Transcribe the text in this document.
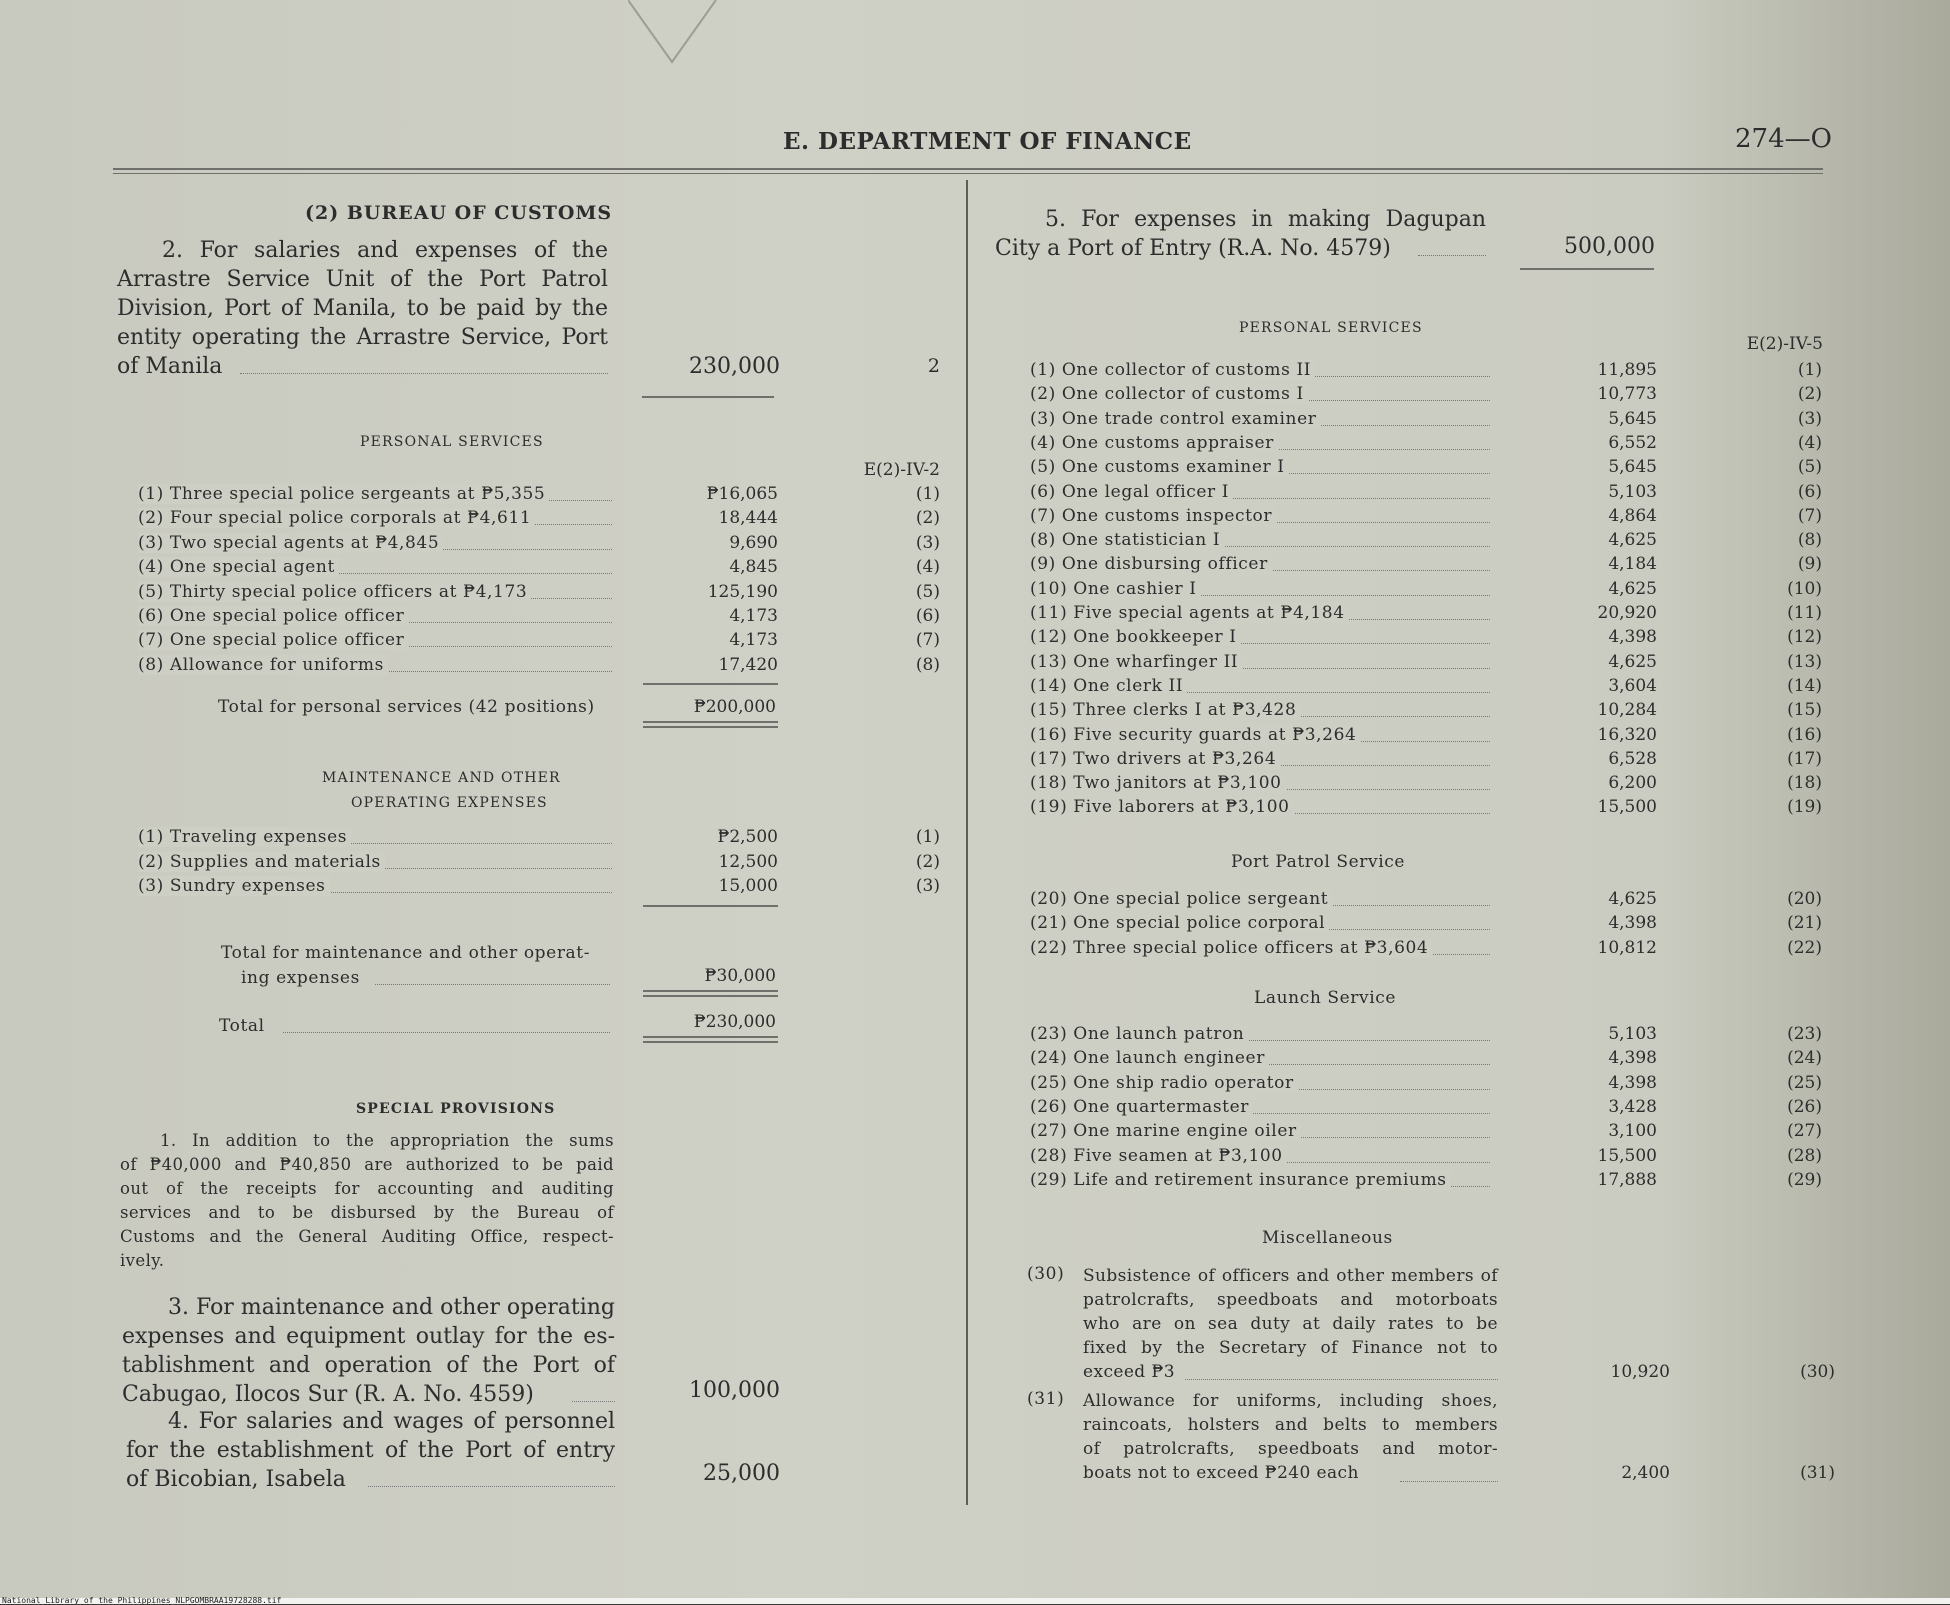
E. DEPARTMENT OF FINANCE	274—O
(2) BUREAU OF CUSTOMS
2. For salaries and expenses of the
Arrastre Service Unit of the Port Patrol
Division, Port of Manila, to be paid by the
entity operating the Arrastre Service, Port
of Manila	230,000	2
PERSONAL SERVICES
E(2)-IV-2
(1) Three special police sergeants at ₱5,355	₱16,065	(1)
(2) Four special police corporals at ₱4,611	18,444	(2)
(3) Two special agents at ₱4,845	9,690	(3)
(4) One special agent	4,845	(4)
(5) Thirty special police officers at ₱4,173	125,190	(5)
(6) One special police officer	4,173	(6)
(7) One special police officer	4,173	(7)
(8) Allowance for uniforms	17,420	(8)
Total for personal services (42 positions)	₱200,000
MAINTENANCE AND OTHER
OPERATING EXPENSES
(1) Traveling expenses	₱2,500	(1)
(2) Supplies and materials	12,500	(2)
(3) Sundry expenses	15,000	(3)
Total for maintenance and other operat-
ing expenses	₱30,000
Total	₱230,000
SPECIAL PROVISIONS
1. In addition to the appropriation the sums
of ₱40,000 and ₱40,850 are authorized to be paid
out of the receipts for accounting and auditing
services and to be disbursed by the Bureau of
Customs and the General Auditing Office, respect-
ively.
3. For maintenance and other operating
expenses and equipment outlay for the es-
tablishment and operation of the Port of
Cabugao, Ilocos Sur (R. A. No. 4559)	100,000
4. For salaries and wages of personnel
for the establishment of the Port of entry
of Bicobian, Isabela	25,000
5. For expenses in making Dagupan
City a Port of Entry (R.A. No. 4579)	500,000
PERSONAL SERVICES
E(2)-IV-5
(1) One collector of customs II	11,895	(1)
(2) One collector of customs I	10,773	(2)
(3) One trade control examiner	5,645	(3)
(4) One customs appraiser	6,552	(4)
(5) One customs examiner I	5,645	(5)
(6) One legal officer I	5,103	(6)
(7) One customs inspector	4,864	(7)
(8) One statistician I	4,625	(8)
(9) One disbursing officer	4,184	(9)
(10) One cashier I	4,625	(10)
(11) Five special agents at ₱4,184	20,920	(11)
(12) One bookkeeper I	4,398	(12)
(13) One wharfinger II	4,625	(13)
(14) One clerk II	3,604	(14)
(15) Three clerks I at ₱3,428	10,284	(15)
(16) Five security guards at ₱3,264	16,320	(16)
(17) Two drivers at ₱3,264	6,528	(17)
(18) Two janitors at ₱3,100	6,200	(18)
(19) Five laborers at ₱3,100	15,500	(19)
Port Patrol Service
(20) One special police sergeant	4,625	(20)
(21) One special police corporal	4,398	(21)
(22) Three special police officers at ₱3,604	10,812	(22)
Launch Service
(23) One launch patron	5,103	(23)
(24) One launch engineer	4,398	(24)
(25) One ship radio operator	4,398	(25)
(26) One quartermaster	3,428	(26)
(27) One marine engine oiler	3,100	(27)
(28) Five seamen at ₱3,100	15,500	(28)
(29) Life and retirement insurance premiums	17,888	(29)
Miscellaneous
(30) Subsistence of officers and other members of
patrolcrafts, speedboats and motorboats
who are on sea duty at daily rates to be
fixed by the Secretary of Finance not to
exceed ₱3	10,920	(30)
(31) Allowance for uniforms, including shoes,
raincoats, holsters and belts to members
of patrolcrafts, speedboats and motor-
boats not to exceed ₱240 each	2,400	(31)
National Library of the Philippines NLPGOMBRAA19728288.tif
